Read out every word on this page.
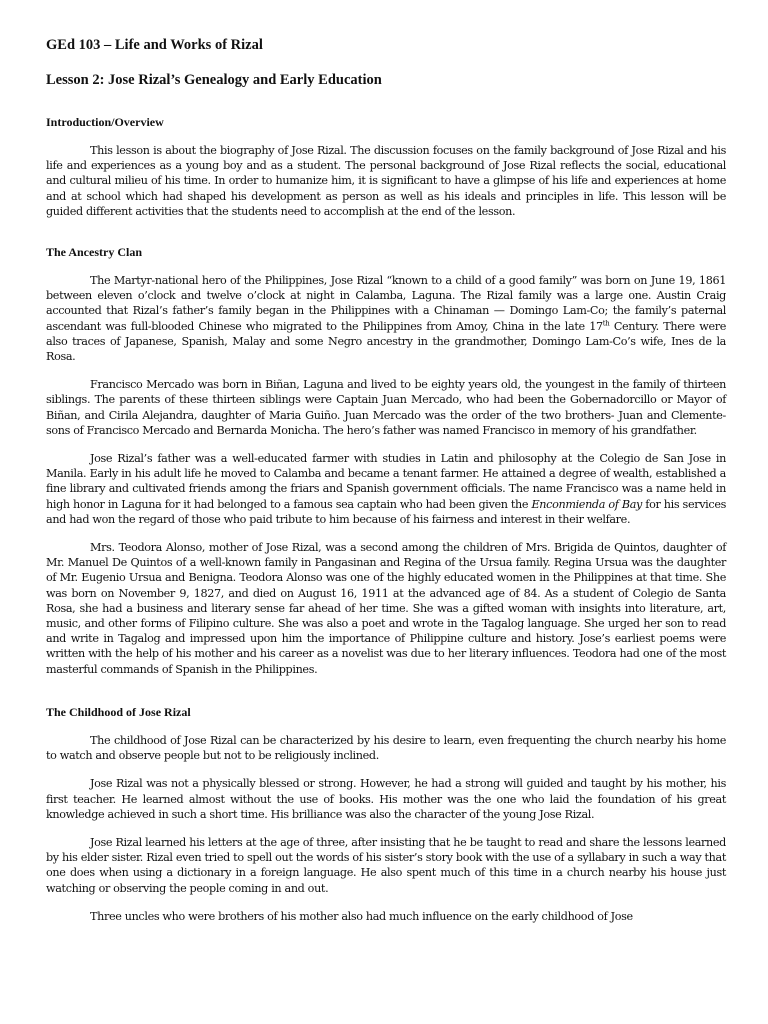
GEd 103 – Life and Works of Rizal
Lesson 2: Jose Rizal’s Genealogy and Early Education
Introduction/Overview

This lesson is about the biography of Jose Rizal. The discussion focuses on the family background of Jose Rizal and his life and experiences as a young boy and as a student. The personal background of Jose Rizal reflects the social, educational and cultural milieu of his time. In order to humanize him, it is significant to have a glimpse of his life and experiences at home and at school which had shaped his development as person as well as his ideals and principles in life. This lesson will be guided different activities that the students need to accomplish at the end of the lesson.

The Ancestry Clan

The Martyr-national hero of the Philippines, Jose Rizal “known to a child of a good family” was born on June 19, 1861 between eleven o’clock and twelve o’clock at night in Calamba, Laguna. The Rizal family was a large one. Austin Craig accounted that Rizal’s father’s family began in the Philippines with a Chinaman — Domingo Lam-Co; the family’s paternal ascendant was full-blooded Chinese who migrated to the Philippines from Amoy, China in the late 17th Century. There were also traces of Japanese, Spanish, Malay and some Negro ancestry in the grandmother, Domingo Lam-Co’s wife, Ines de la Rosa.

Francisco Mercado was born in Biñan, Laguna and lived to be eighty years old, the youngest in the family of thirteen siblings. The parents of these thirteen siblings were Captain Juan Mercado, who had been the Gobernadorcillo or Mayor of Biñan, and Cirila Alejandra, daughter of Maria Guiño. Juan Mercado was the order of the two brothers- Juan and Clemente- sons of Francisco Mercado and Bernarda Monicha. The hero’s father was named Francisco in memory of his grandfather.

Jose Rizal’s father was a well-educated farmer with studies in Latin and philosophy at the Colegio de San Jose in Manila. Early in his adult life he moved to Calamba and became a tenant farmer. He attained a degree of wealth, established a fine library and cultivated friends among the friars and Spanish government officials. The name Francisco was a name held in high honor in Laguna for it had belonged to a famous sea captain who had been given the Enconmienda of Bay for his services and had won the regard of those who paid tribute to him because of his fairness and interest in their welfare.

Mrs. Teodora Alonso, mother of Jose Rizal, was a second among the children of Mrs. Brigida de Quintos, daughter of Mr. Manuel De Quintos of a well-known family in Pangasinan and Regina of the Ursua family. Regina Ursua was the daughter of Mr. Eugenio Ursua and Benigna. Teodora Alonso was one of the highly educated women in the Philippines at that time. She was born on November 9, 1827, and died on August 16, 1911 at the advanced age of 84. As a student of Colegio de Santa Rosa, she had a business and literary sense far ahead of her time. She was a gifted woman with insights into literature, art, music, and other forms of Filipino culture. She was also a poet and wrote in the Tagalog language. She urged her son to read and write in Tagalog and impressed upon him the importance of Philippine culture and history. Jose’s earliest poems were written with the help of his mother and his career as a novelist was due to her literary influences. Teodora had one of the most masterful commands of Spanish in the Philippines.

The Childhood of Jose Rizal

The childhood of Jose Rizal can be characterized by his desire to learn, even frequenting the church nearby his home to watch and observe people but not to be religiously inclined.

Jose Rizal was not a physically blessed or strong. However, he had a strong will guided and taught by his mother, his first teacher. He learned almost without the use of books. His mother was the one who laid the foundation of his great knowledge achieved in such a short time. His brilliance was also the character of the young Jose Rizal.

Jose Rizal learned his letters at the age of three, after insisting that he be taught to read and share the lessons learned by his elder sister. Rizal even tried to spell out the words of his sister’s story book with the use of a syllabary in such a way that one does when using a dictionary in a foreign language. He also spent much of this time in a church nearby his house just watching or observing the people coming in and out.

Three uncles who were brothers of his mother also had much influence on the early childhood of Jose
